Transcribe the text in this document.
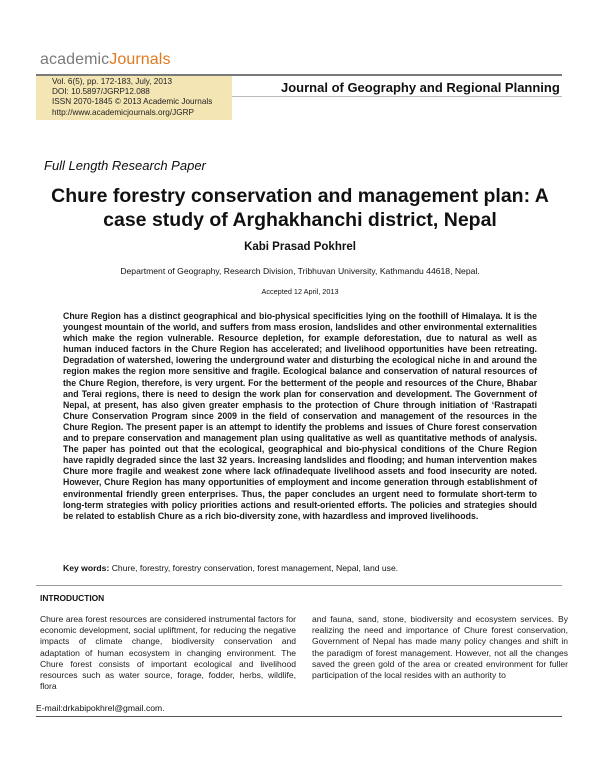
academicJournals
Vol. 6(5), pp. 172-183, July, 2013
DOI: 10.5897/JGRP12.088
ISSN 2070-1845 © 2013 Academic Journals
http://www.academicjournals.org/JGRP
Journal of Geography and Regional Planning
Full Length Research Paper
Chure forestry conservation and management plan: A case study of Arghakhanchi district, Nepal
Kabi Prasad Pokhrel
Department of Geography, Research Division, Tribhuvan University, Kathmandu 44618, Nepal.
Accepted 12 April, 2013
Chure Region has a distinct geographical and bio-physical specificities lying on the foothill of Himalaya. It is the youngest mountain of the world, and suffers from mass erosion, landslides and other environmental externalities which make the region vulnerable. Resource depletion, for example deforestation, due to natural as well as human induced factors in the Chure Region has accelerated; and livelihood opportunities have been retreating. Degradation of watershed, lowering the underground water and disturbing the ecological niche in and around the region makes the region more sensitive and fragile. Ecological balance and conservation of natural resources of the Chure Region, therefore, is very urgent. For the betterment of the people and resources of the Chure, Bhabar and Terai regions, there is need to design the work plan for conservation and development. The Government of Nepal, at present, has also given greater emphasis to the protection of Chure through initiation of ‘Rastrapati Chure Conservation Program since 2009 in the field of conservation and management of the resources in the Chure Region. The present paper is an attempt to identify the problems and issues of Chure forest conservation and to prepare conservation and management plan using qualitative as well as quantitative methods of analysis. The paper has pointed out that the ecological, geographical and bio-physical conditions of the Chure Region have rapidly degraded since the last 32 years. Increasing landslides and flooding; and human intervention makes Chure more fragile and weakest zone where lack of/inadequate livelihood assets and food insecurity are noted. However, Chure Region has many opportunities of employment and income generation through establishment of environmental friendly green enterprises. Thus, the paper concludes an urgent need to formulate short-term to long-term strategies with policy priorities actions and result-oriented efforts. The policies and strategies should be related to establish Chure as a rich bio-diversity zone, with hazardless and improved livelihoods.
Key words: Chure, forestry, forestry conservation, forest management, Nepal, land use.
INTRODUCTION
Chure area forest resources are considered instrumental factors for economic development, social upliftment, for reducing the negative impacts of climate change, biodiversity conservation and adaptation of human ecosystem in changing environment. The Chure forest consists of important ecological and livelihood resources such as water source, forage, fodder, herbs, wildlife, flora
and fauna, sand, stone, biodiversity and ecosystem services. By realizing the need and importance of Chure forest conservation, Government of Nepal has made many policy changes and shift in the paradigm of forest management. However, not all the changes saved the green gold of the area or created environment for fuller participation of the local resides with an authority to
E-mail:drkabipokhrel@gmail.com.
